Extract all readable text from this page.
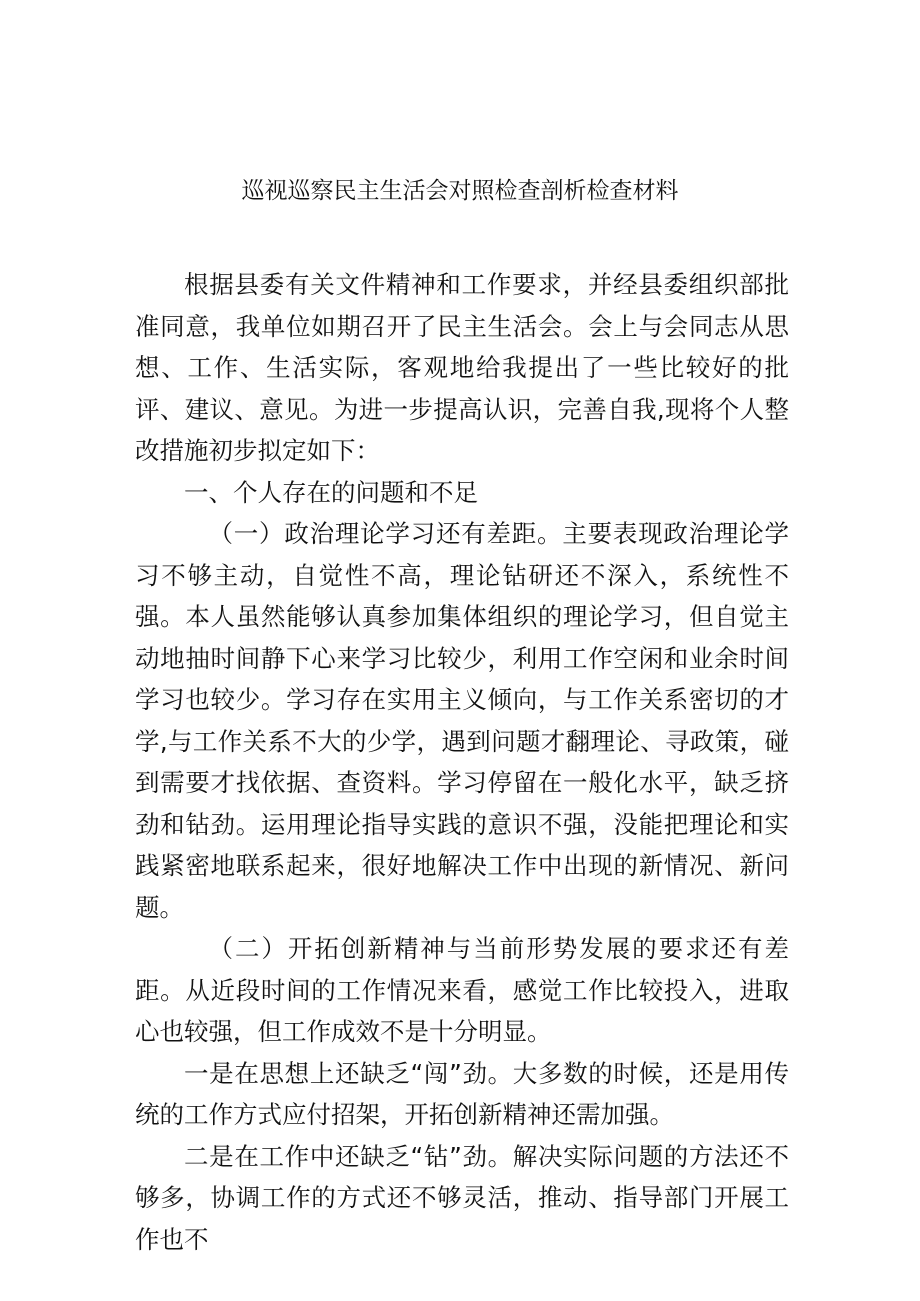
巡视巡察民主生活会对照检查剖析检查材料

根据县委有关文件精神和工作要求，并经县委组织部批准同意，我单位如期召开了民主生活会。会上与会同志从思想、工作、生活实际，客观地给我提出了一些比较好的批评、建议、意见。为进一步提高认识，完善自我,现将个人整改措施初步拟定如下：

一、个人存在的问题和不足

（一）政治理论学习还有差距。主要表现政治理论学习不够主动，自觉性不高，理论钻研还不深入，系统性不强。本人虽然能够认真参加集体组织的理论学习，但自觉主动地抽时间静下心来学习比较少，利用工作空闲和业余时间学习也较少。学习存在实用主义倾向，与工作关系密切的才学,与工作关系不大的少学，遇到问题才翻理论、寻政策，碰到需要才找依据、查资料。学习停留在一般化水平，缺乏挤劲和钻劲。运用理论指导实践的意识不强，没能把理论和实践紧密地联系起来，很好地解决工作中出现的新情况、新问题。

（二）开拓创新精神与当前形势发展的要求还有差距。从近段时间的工作情况来看，感觉工作比较投入，进取心也较强，但工作成效不是十分明显。

一是在思想上还缺乏“闯”劲。大多数的时候，还是用传统的工作方式应付招架，开拓创新精神还需加强。

二是在工作中还缺乏“钻”劲。解决实际问题的方法还不够多，协调工作的方式还不够灵活，推动、指导部门开展工作也不
